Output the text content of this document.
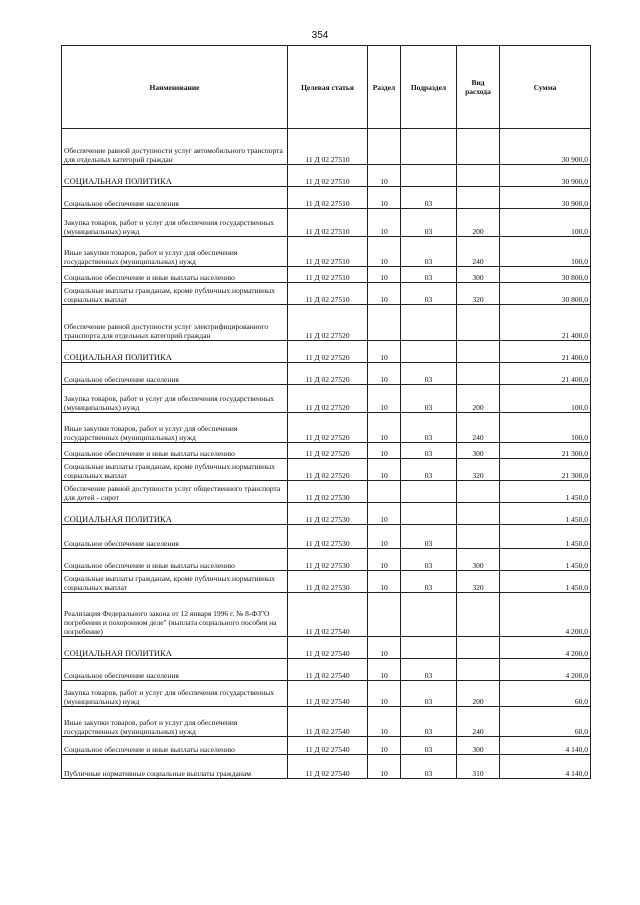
354
Наименование	Целевая статья	Раздел	Подраздел	Вид расхода	Сумма
Обеспечение равной доступности услуг автомобильного транспорта для отдельных категорий граждан	11 Д 02 27510				30 900,0
СОЦИАЛЬНАЯ ПОЛИТИКА	11 Д 02 27510	10			30 900,0
Социальное обеспечение населения	11 Д 02 27510	10	03		30 900,0
Закупка товаров, работ и услуг для обеспечения государственных (муниципальных) нужд	11 Д 02 27510	10	03	200	100,0
Иные закупки товаров, работ и услуг для обеспечения государственных (муниципальных) нужд	11 Д 02 27510	10	03	240	100,0
Социальное обеспечение и иные выплаты населению	11 Д 02 27510	10	03	300	30 800,0
Социальные выплаты гражданам, кроме публичных нормативных социальных выплат	11 Д 02 27510	10	03	320	30 800,0
Обеспечение равной доступности услуг электрифицированного транспорта для отдельных категорий граждан	11 Д 02 27520				21 400,0
СОЦИАЛЬНАЯ ПОЛИТИКА	11 Д 02 27520	10			21 400,0
Социальное обеспечение населения	11 Д 02 27520	10	03		21 400,0
Закупка товаров, работ и услуг для обеспечения государственных (муниципальных) нужд	11 Д 02 27520	10	03	200	100,0
Иные закупки товаров, работ и услуг для обеспечения государственных (муниципальных) нужд	11 Д 02 27520	10	03	240	100,0
Социальное обеспечение и иные выплаты населению	11 Д 02 27520	10	03	300	21 300,0
Социальные выплаты гражданам, кроме публичных нормативных социальных выплат	11 Д 02 27520	10	03	320	21 300,0
Обеспечение равной доступности услуг общественного транспорта для детей - сирот	11 Д 02 27530				1 450,0
СОЦИАЛЬНАЯ ПОЛИТИКА	11 Д 02 27530	10			1 450,0
Социальное обеспечение населения	11 Д 02 27530	10	03		1 450,0
Социальное обеспечение и иные выплаты населению	11 Д 02 27530	10	03	300	1 450,0
Социальные выплаты гражданам, кроме публичных нормативных социальных выплат	11 Д 02 27530	10	03	320	1 450,0
Реализация Федерального закона от 12 января 1996 г. № 8-ФЗ"О погребении и похоронном деле" (выплата социального пособия на погребение)	11 Д 02 27540				4 200,0
СОЦИАЛЬНАЯ ПОЛИТИКА	11 Д 02 27540	10			4 200,0
Социальное обеспечение населения	11 Д 02 27540	10	03		4 200,0
Закупка товаров, работ и услуг для обеспечения государственных (муниципальных) нужд	11 Д 02 27540	10	03	200	60,0
Иные закупки товаров, работ и услуг для обеспечения государственных (муниципальных) нужд	11 Д 02 27540	10	03	240	60,0
Социальное обеспечение и иные выплаты населению	11 Д 02 27540	10	03	300	4 140,0
Публичные нормативные социальные выплаты гражданам	11 Д 02 27540	10	03	310	4 140,0
